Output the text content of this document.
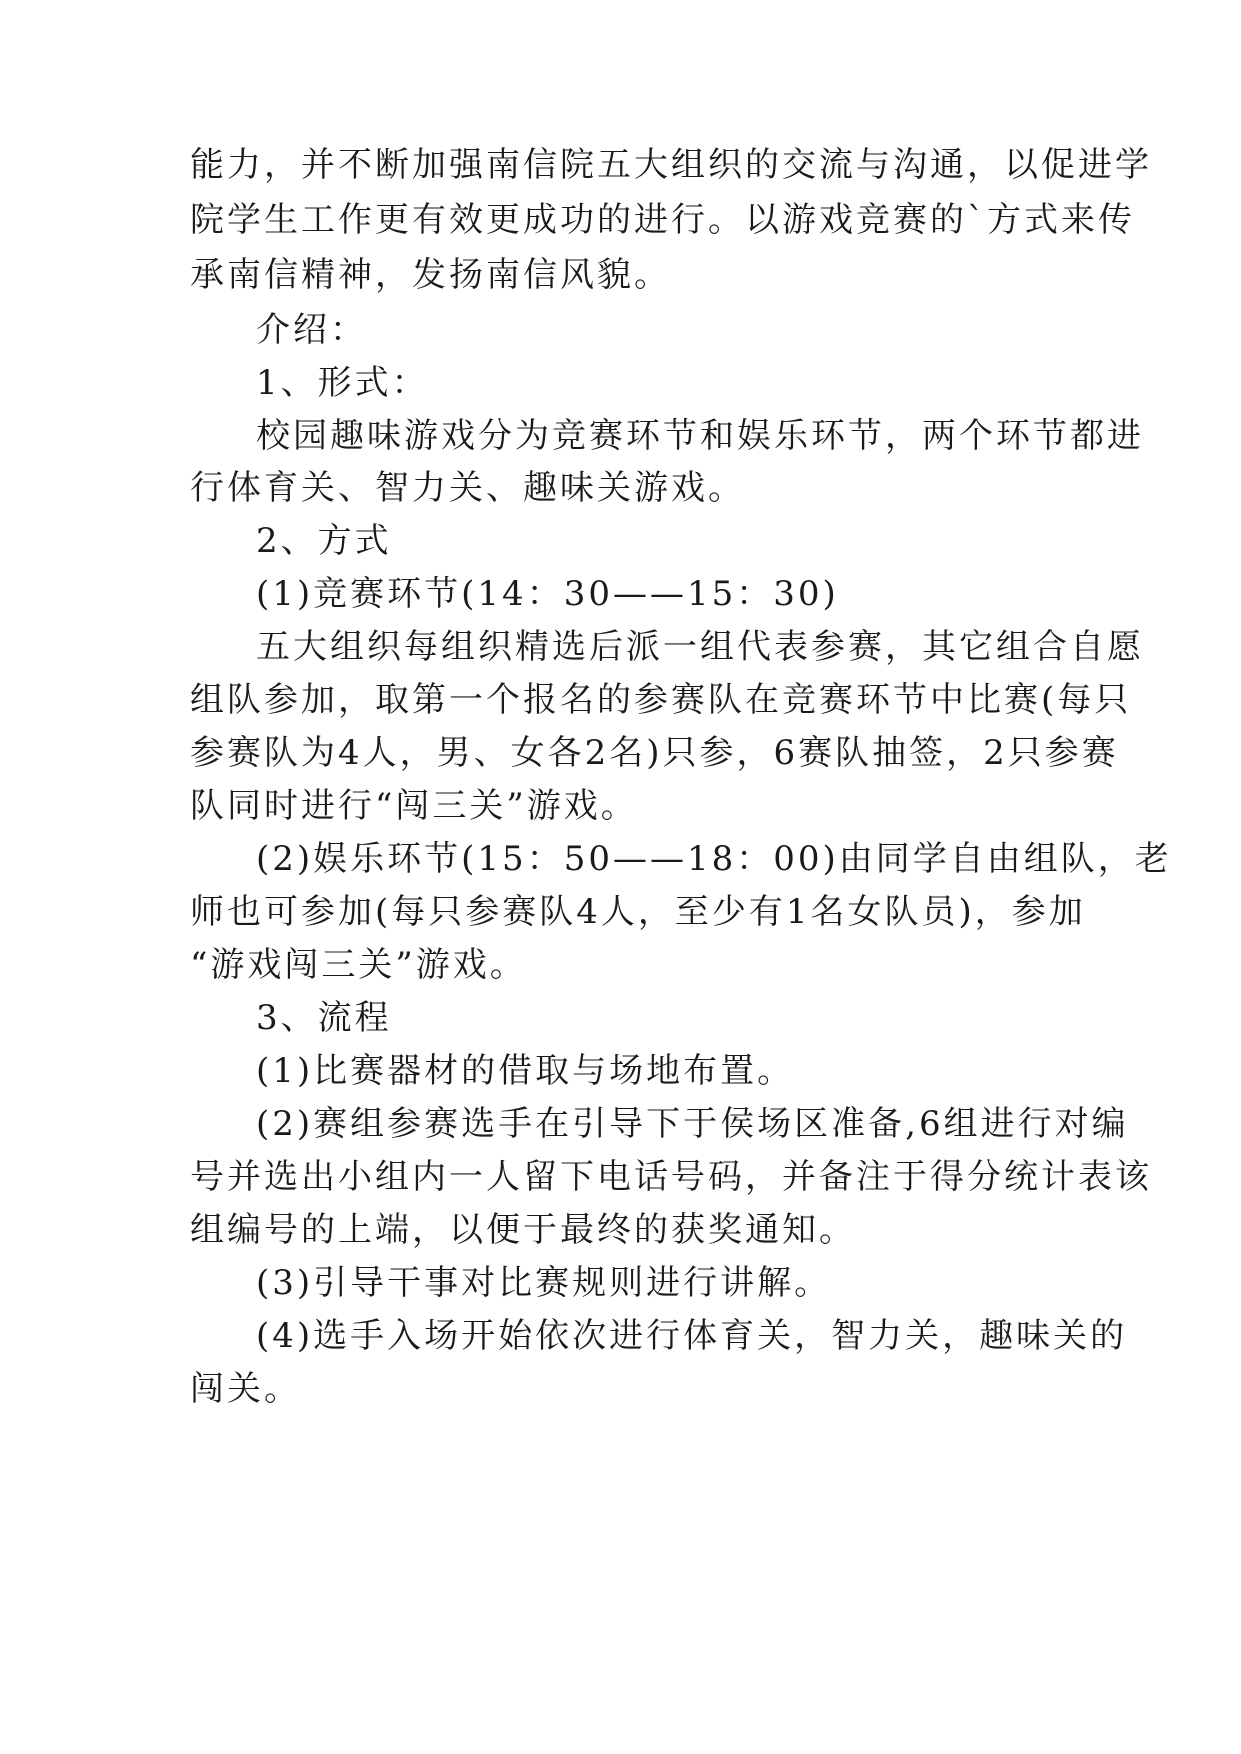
能力，并不断加强南信院五大组织的交流与沟通，以促进学
院学生工作更有效更成功的进行。以游戏竞赛的`方式来传
承南信精神，发扬南信风貌。
介绍：
1、形式：
校园趣味游戏分为竞赛环节和娱乐环节，两个环节都进
行体育关、智力关、趣味关游戏。
2、方式
(1)竞赛环节(14：30——15：30)
五大组织每组织精选后派一组代表参赛，其它组合自愿
组队参加，取第一个报名的参赛队在竞赛环节中比赛(每只
参赛队为4人，男、女各2名)只参，6赛队抽签，2只参赛
队同时进行“闯三关”游戏。
(2)娱乐环节(15：50——18：00)由同学自由组队，老
师也可参加(每只参赛队4人，至少有1名女队员)，参加
“游戏闯三关”游戏。
3、流程
(1)比赛器材的借取与场地布置。
(2)赛组参赛选手在引导下于侯场区准备,6组进行对编
号并选出小组内一人留下电话号码，并备注于得分统计表该
组编号的上端，以便于最终的获奖通知。
(3)引导干事对比赛规则进行讲解。
(4)选手入场开始依次进行体育关，智力关，趣味关的
闯关。
